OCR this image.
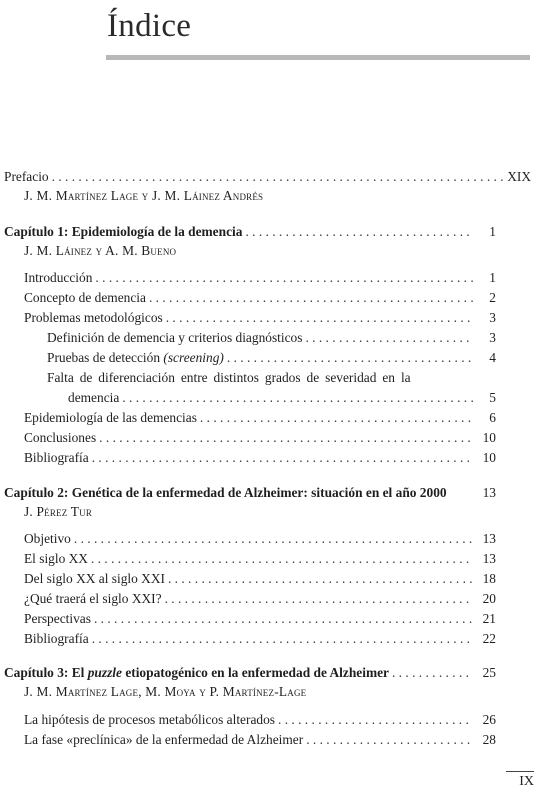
Índice
Prefacio . . .	XIX
J. M. Martínez Lage y J. M. Láinez Andrés
Capítulo 1: Epidemiología de la demencia . . .	1
J. M. Láinez y A. M. Bueno
Introducción . . .	1
Concepto de demencia . . .	2
Problemas metodológicos . . .	3
Definición de demencia y criterios diagnósticos . . .	3
Pruebas de detección (screening) . . .	4
Falta de diferenciación entre distintos grados de severidad en la
demencia . . .	5
Epidemiología de las demencias . . .	6
Conclusiones . . .	10
Bibliografía . . .	10
Capítulo 2: Genética de la enfermedad de Alzheimer: situación en el año 2000	13
J. Pérez Tur
Objetivo . . .	13
El siglo XX . . .	13
Del siglo XX al siglo XXI . . .	18
¿Qué traerá el siglo XXI? . . .	20
Perspectivas . . .	21
Bibliografía . . .	22
Capítulo 3: El puzzle etiopatogénico en la enfermedad de Alzheimer . . .	25
J. M. Martínez Lage, M. Moya y P. Martínez-Lage
La hipótesis de procesos metabólicos alterados . . .	26
La fase «preclínica» de la enfermedad de Alzheimer . . .	28
IX
